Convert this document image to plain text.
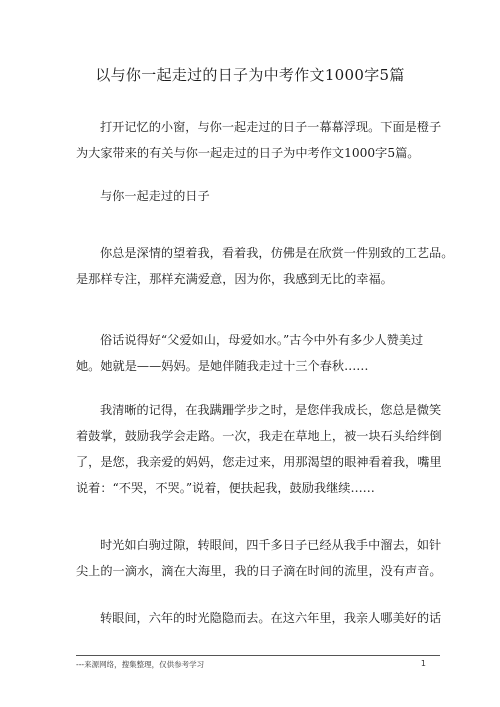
以与你一起走过的日子为中考作文1000字5篇
打开记忆的小窗，与你一起走过的日子一幕幕浮现。下面是橙子
为大家带来的有关与你一起走过的日子为中考作文1000字5篇。
与你一起走过的日子
你总是深情的望着我，看着我，仿佛是在欣赏一件别致的工艺品。
是那样专注，那样充满爱意，因为你，我感到无比的幸福。
俗话说得好“父爱如山，母爱如水。”古今中外有多少人赞美过
她。她就是——妈妈。是她伴随我走过十三个春秋……
我清晰的记得，在我蹒跚学步之时，是您伴我成长，您总是微笑
着鼓掌，鼓励我学会走路。一次，我走在草地上，被一块石头给绊倒
了，是您，我亲爱的妈妈，您走过来，用那渴望的眼神看着我，嘴里
说着：“不哭，不哭。”说着，便扶起我，鼓励我继续……
时光如白驹过隙，转眼间，四千多日子已经从我手中溜去，如针
尖上的一滴水，滴在大海里，我的日子滴在时间的流里，没有声音。
转眼间，六年的时光隐隐而去。在这六年里，我亲人哪美好的话
---来源网络，搜集整理，仅供参考学习	1
